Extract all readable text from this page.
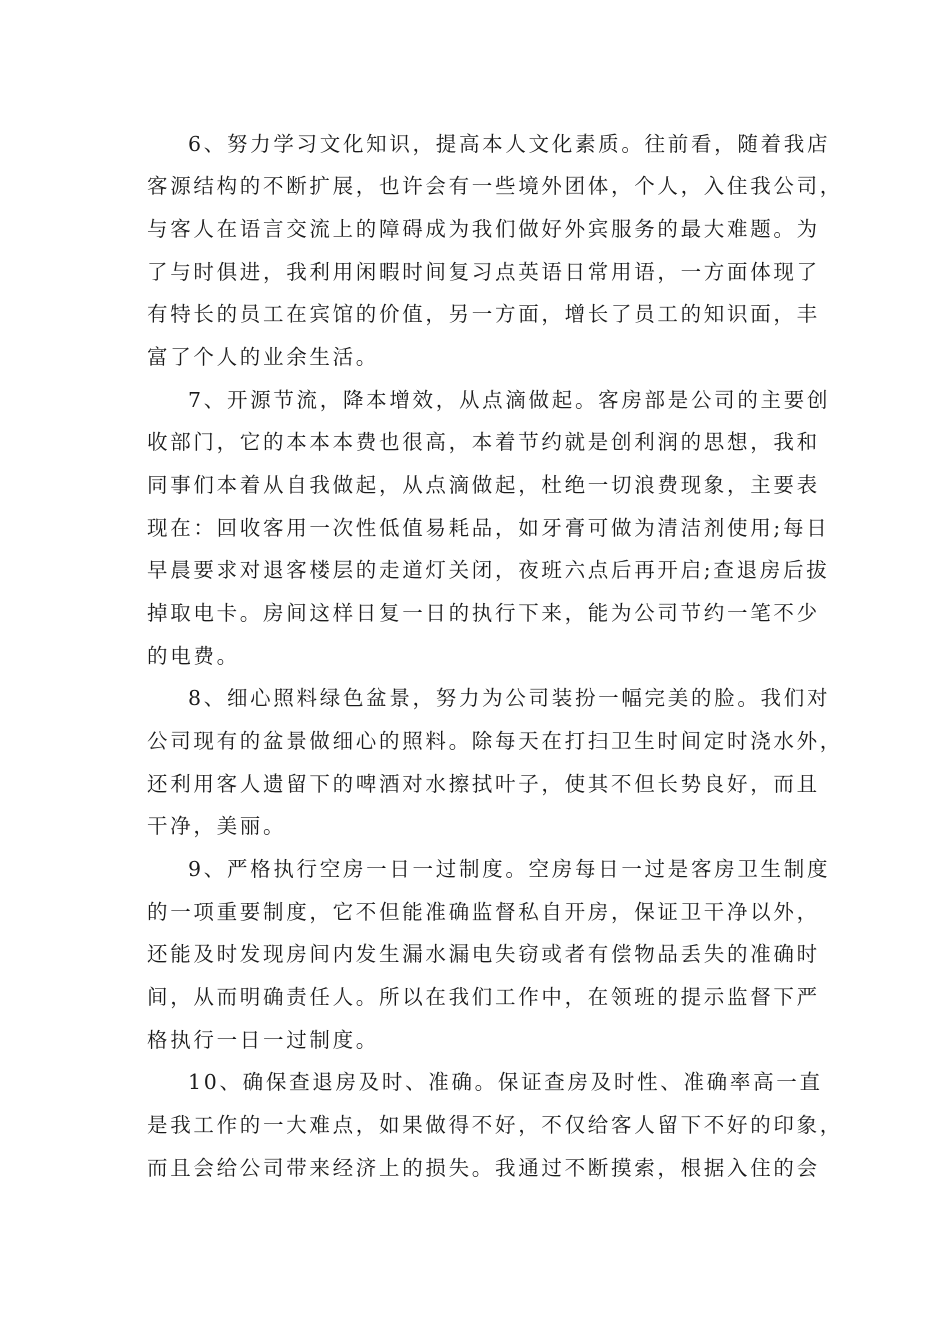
6、努力学习文化知识，提高本人文化素质。往前看，随着我店
客源结构的不断扩展，也许会有一些境外团体，个人，入住我公司，
与客人在语言交流上的障碍成为我们做好外宾服务的最大难题。为
了与时俱进，我利用闲暇时间复习点英语日常用语，一方面体现了
有特长的员工在宾馆的价值，另一方面，增长了员工的知识面，丰
富了个人的业余生活。
7、开源节流，降本增效，从点滴做起。客房部是公司的主要创
收部门，它的本本本费也很高，本着节约就是创利润的思想，我和
同事们本着从自我做起，从点滴做起，杜绝一切浪费现象，主要表
现在：回收客用一次性低值易耗品，如牙膏可做为清洁剂使用;每日
早晨要求对退客楼层的走道灯关闭，夜班六点后再开启;查退房后拔
掉取电卡。房间这样日复一日的执行下来，能为公司节约一笔不少
的电费。
8、细心照料绿色盆景，努力为公司装扮一幅完美的脸。我们对
公司现有的盆景做细心的照料。除每天在打扫卫生时间定时浇水外，
还利用客人遗留下的啤酒对水擦拭叶子，使其不但长势良好，而且
干净，美丽。
9、严格执行空房一日一过制度。空房每日一过是客房卫生制度
的一项重要制度，它不但能准确监督私自开房，保证卫干净以外，
还能及时发现房间内发生漏水漏电失窃或者有偿物品丢失的准确时
间，从而明确责任人。所以在我们工作中，在领班的提示监督下严
格执行一日一过制度。
10、确保查退房及时、准确。保证查房及时性、准确率高一直
是我工作的一大难点，如果做得不好，不仅给客人留下不好的印象，
而且会给公司带来经济上的损失。我通过不断摸索，根据入住的会
